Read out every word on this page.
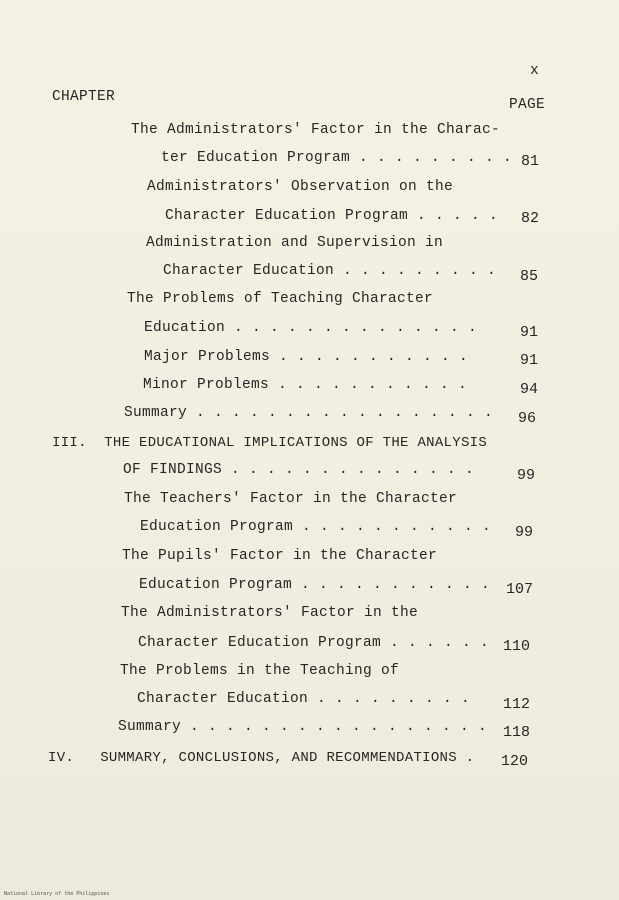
x
CHAPTER	PAGE
The Administrators' Factor in the Charac-
ter Education Program . . . . . . . . . 81
Administrators' Observation on the
Character Education Program . . . . . 82
Administration and Supervision in
Character Education . . . . . . . . . 85
The Problems of Teaching Character
Education . . . . . . . . . . . . . .	91
Major Problems . . . . . . . . . . .	91
Minor Problems . . . . . . . . . . .	94
Summary . . . . . . . . . . . . . . . . . 96
III.  THE EDUCATIONAL IMPLICATIONS OF THE ANALYSIS
OF FINDINGS . . . . . . . . . . . . . .	99
The Teachers' Factor in the Character
Education Program . . . . . . . . . . . 99
The Pupils' Factor in the Character
Education Program . . . . . . . . . . . 107
The Administrators' Factor in the
Character Education Program . . . . . . 110
The Problems in the Teaching of
Character Education . . . . . . . . . 112
Summary . . . . . . . . . . . . . . . . . 118
IV.   SUMMARY, CONCLUSIONS, AND RECOMMENDATIONS . 120
National Library of the Philippines
